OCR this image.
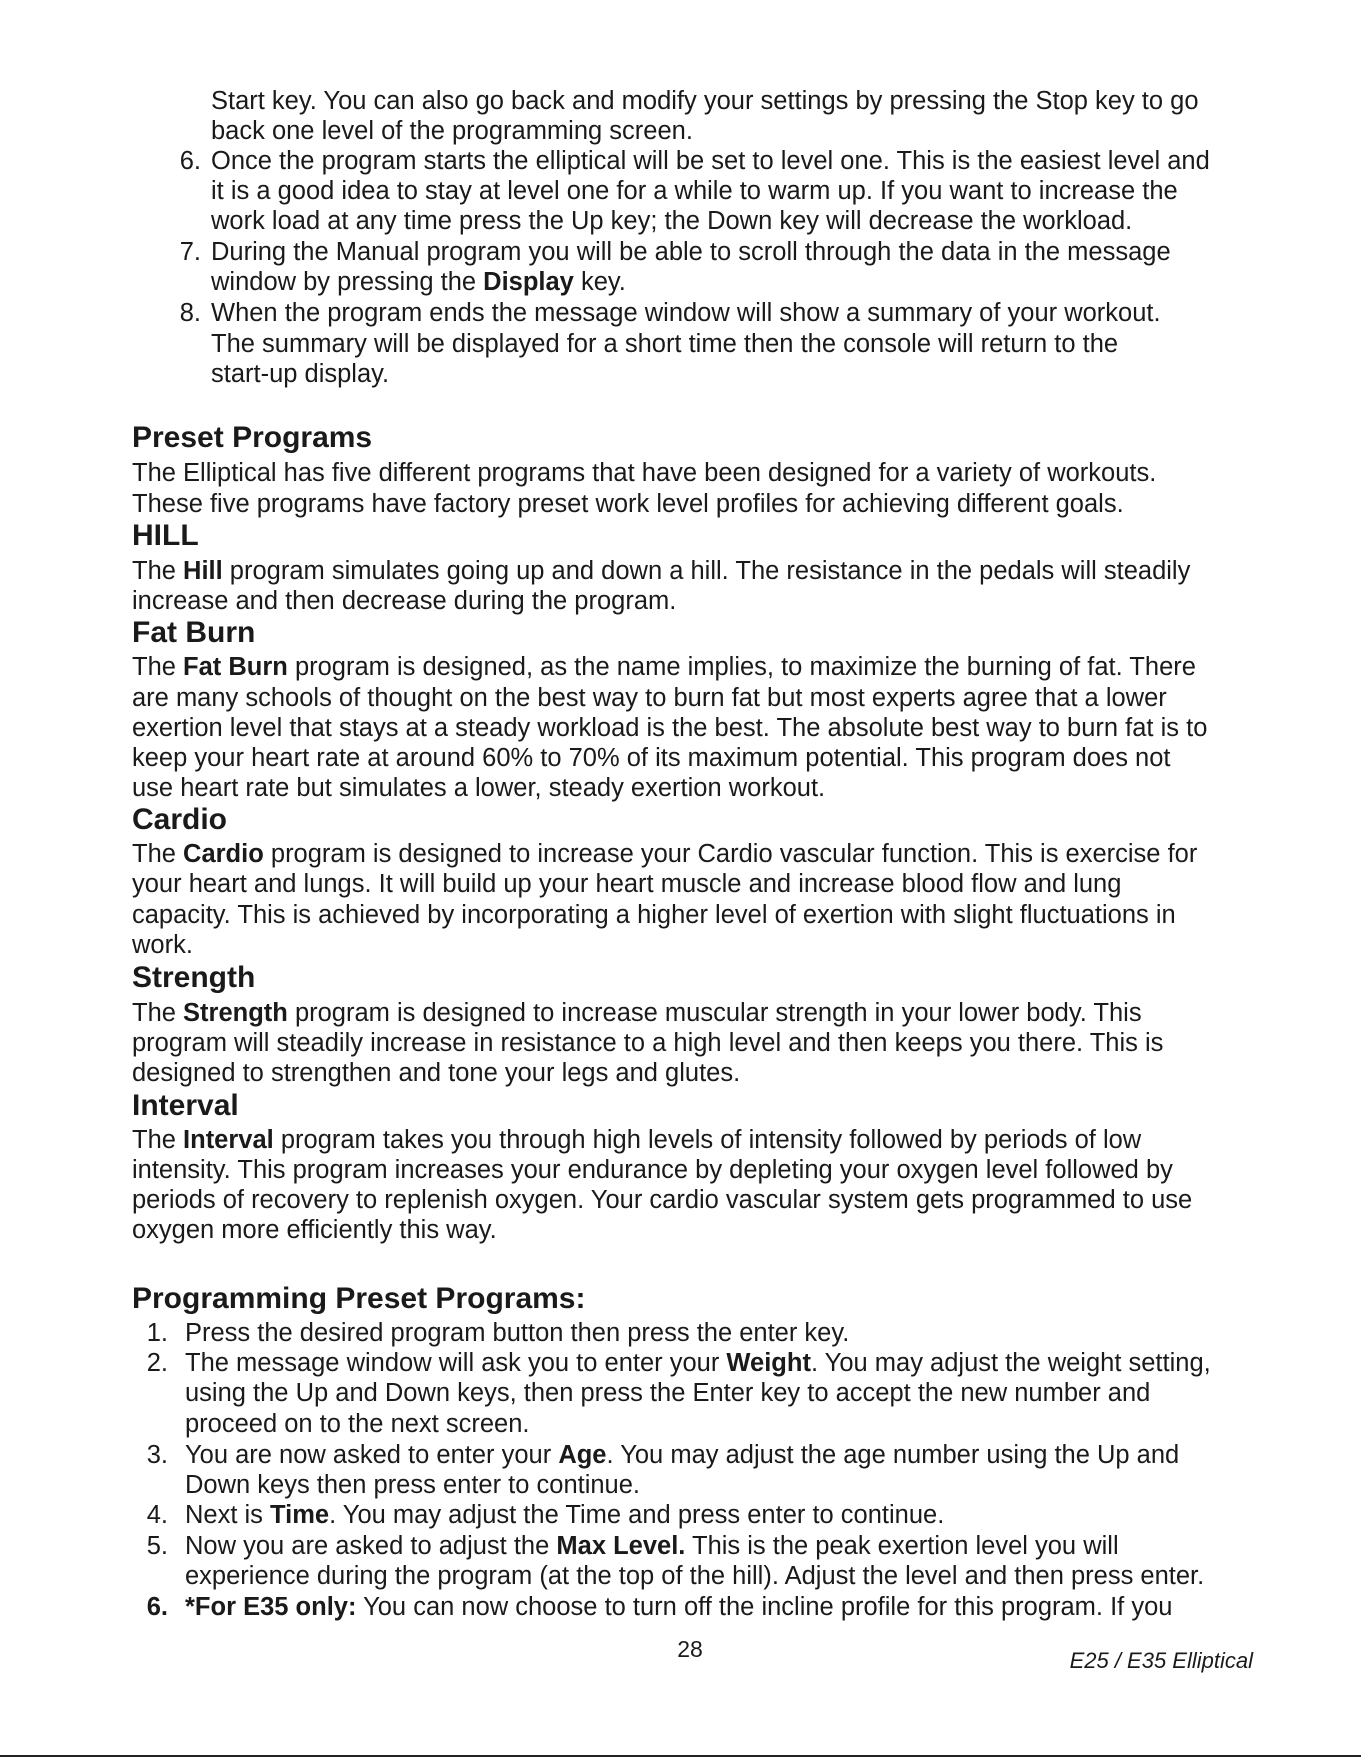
Start key. You can also go back and modify your settings by pressing the Stop key to go
back one level of the programming screen.
6. Once the program starts the elliptical will be set to level one. This is the easiest level and
it is a good idea to stay at level one for a while to warm up. If you want to increase the
work load at any time press the Up key; the Down key will decrease the workload.
7. During the Manual program you will be able to scroll through the data in the message
window by pressing the Display key.
8. When the program ends the message window will show a summary of your workout.
The summary will be displayed for a short time then the console will return to the
start-up display.
Preset Programs
The Elliptical has five different programs that have been designed for a variety of workouts.
These five programs have factory preset work level profiles for achieving different goals.
HILL
The Hill program simulates going up and down a hill. The resistance in the pedals will steadily
increase and then decrease during the program.
Fat Burn
The Fat Burn program is designed, as the name implies, to maximize the burning of fat. There
are many schools of thought on the best way to burn fat but most experts agree that a lower
exertion level that stays at a steady workload is the best. The absolute best way to burn fat is to
keep your heart rate at around 60% to 70% of its maximum potential. This program does not
use heart rate but simulates a lower, steady exertion workout.
Cardio
The Cardio program is designed to increase your Cardio vascular function. This is exercise for
your heart and lungs. It will build up your heart muscle and increase blood flow and lung
capacity. This is achieved by incorporating a higher level of exertion with slight fluctuations in
work.
Strength
The Strength program is designed to increase muscular strength in your lower body. This
program will steadily increase in resistance to a high level and then keeps you there. This is
designed to strengthen and tone your legs and glutes.
Interval
The Interval program takes you through high levels of intensity followed by periods of low
intensity. This program increases your endurance by depleting your oxygen level followed by
periods of recovery to replenish oxygen. Your cardio vascular system gets programmed to use
oxygen more efficiently this way.
Programming Preset Programs:
1. Press the desired program button then press the enter key.
2. The message window will ask you to enter your Weight. You may adjust the weight setting,
using the Up and Down keys, then press the Enter key to accept the new number and
proceed on to the next screen.
3. You are now asked to enter your Age. You may adjust the age number using the Up and
Down keys then press enter to continue.
4. Next is Time. You may adjust the Time and press enter to continue.
5. Now you are asked to adjust the Max Level. This is the peak exertion level you will
experience during the program (at the top of the hill). Adjust the level and then press enter.
6. *For E35 only: You can now choose to turn off the incline profile for this program. If you
28	E25 / E35 Elliptical
